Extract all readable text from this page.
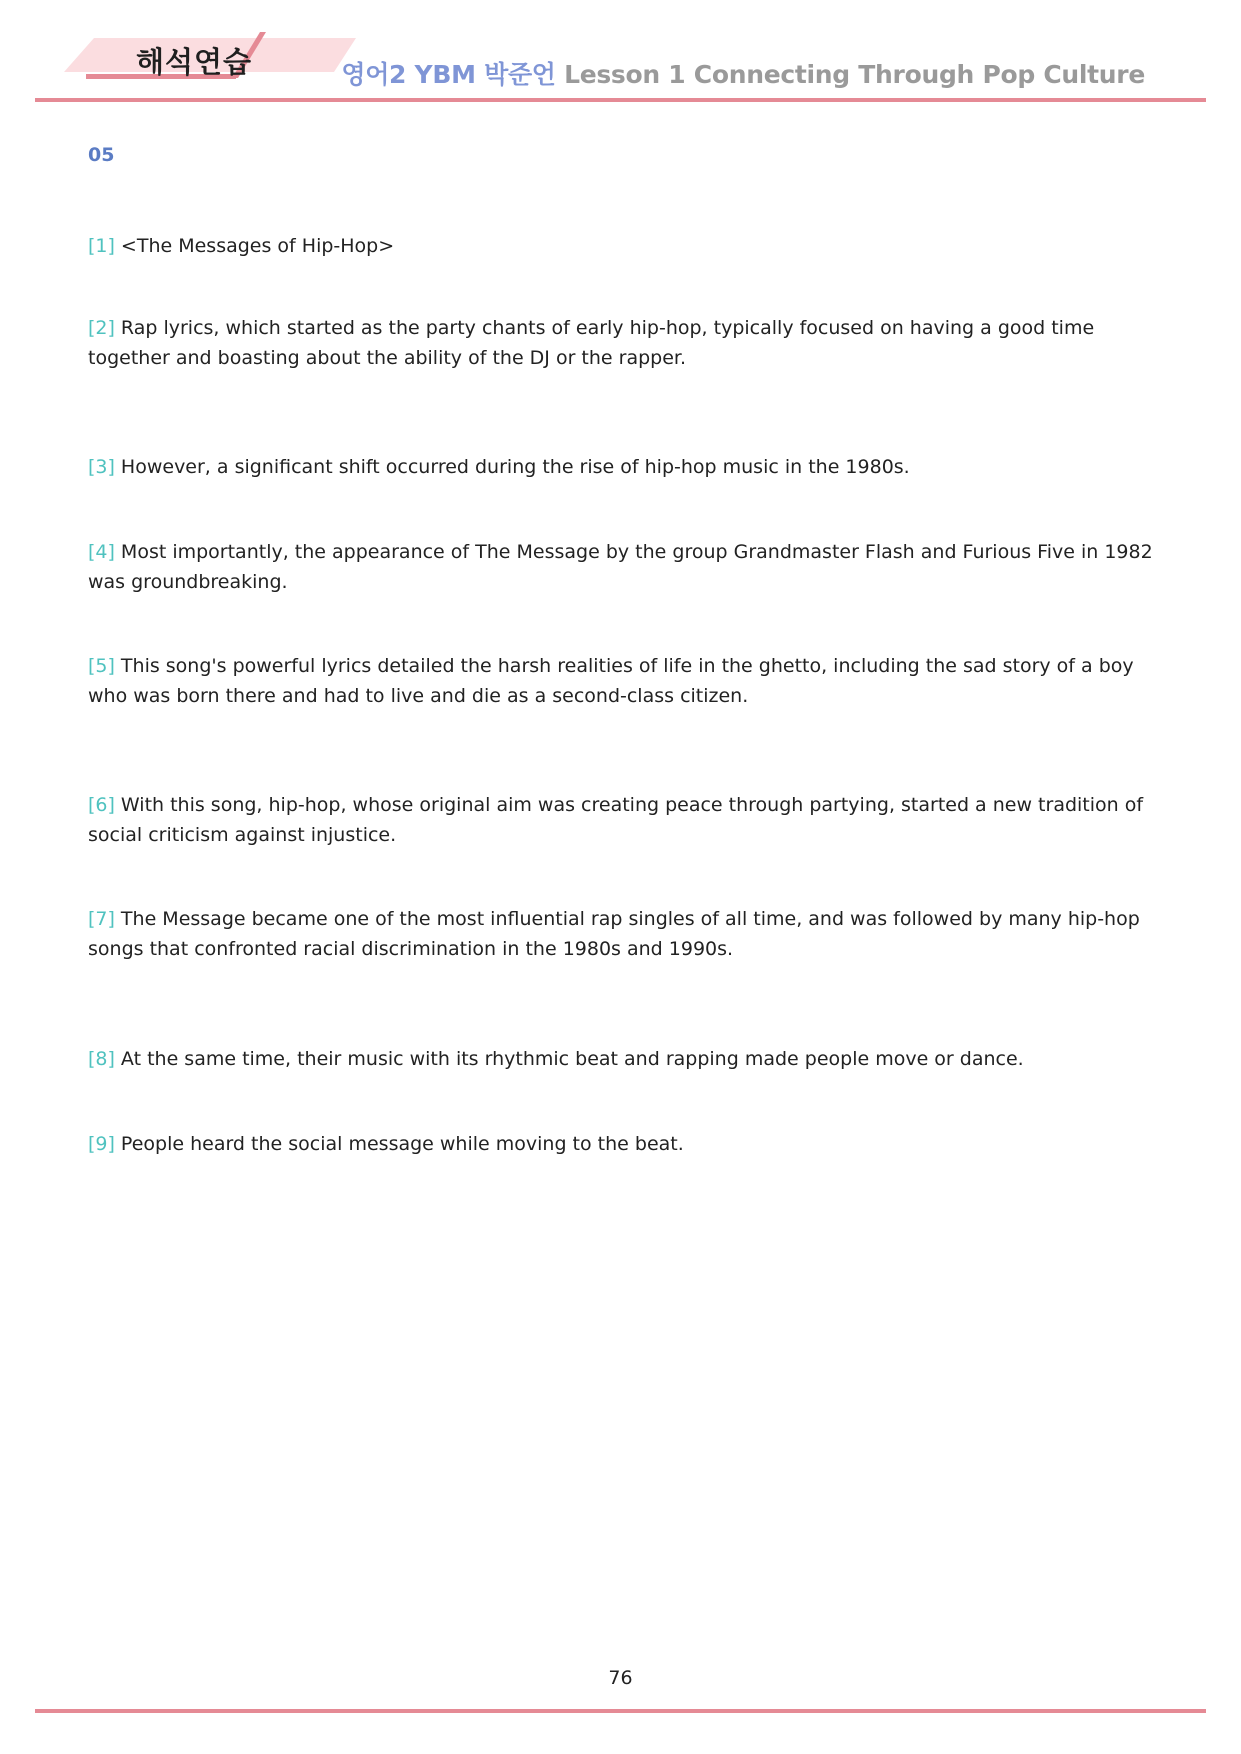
해석연습	영어2 YBM 박준언 Lesson 1 Connecting Through Pop Culture
05
[1] <The Messages of Hip-Hop>
[2] Rap lyrics, which started as the party chants of early hip-hop, typically focused on having a good time together and boasting about the ability of the DJ or the rapper.
[3] However, a significant shift occurred during the rise of hip-hop music in the 1980s.
[4] Most importantly, the appearance of The Message by the group Grandmaster Flash and Furious Five in 1982 was groundbreaking.
[5] This song's powerful lyrics detailed the harsh realities of life in the ghetto, including the sad story of a boy who was born there and had to live and die as a second-class citizen.
[6] With this song, hip-hop, whose original aim was creating peace through partying, started a new tradition of social criticism against injustice.
[7] The Message became one of the most influential rap singles of all time, and was followed by many hip-hop songs that confronted racial discrimination in the 1980s and 1990s.
[8] At the same time, their music with its rhythmic beat and rapping made people move or dance.
[9] People heard the social message while moving to the beat.
76
